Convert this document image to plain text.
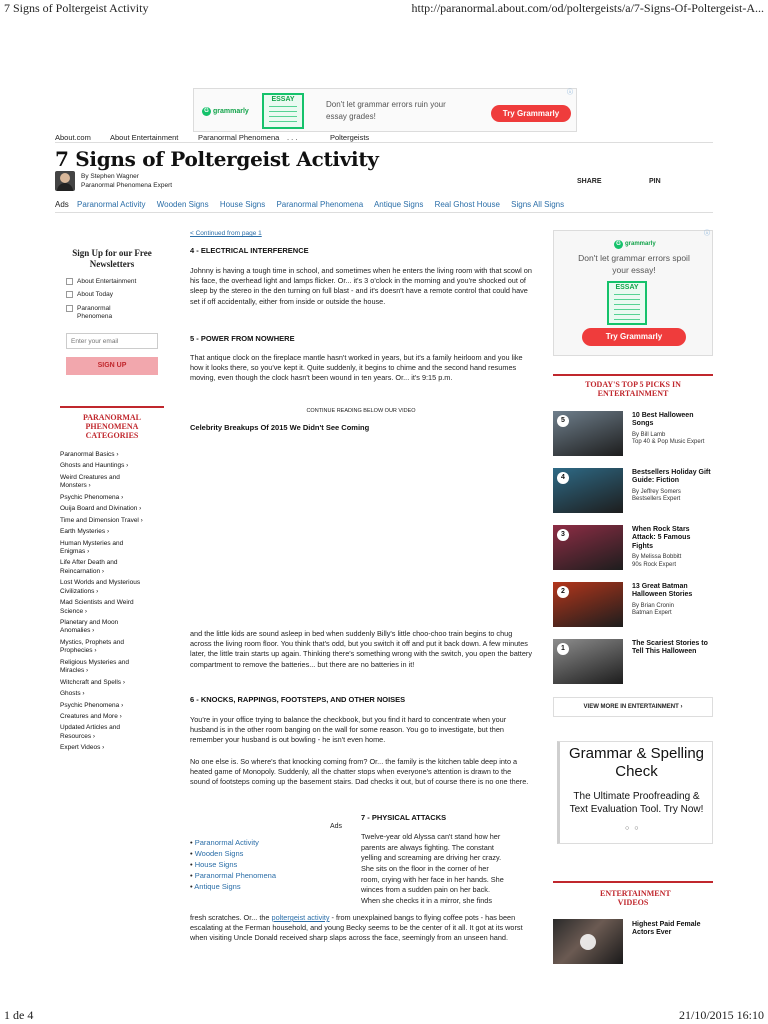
7 Signs of Poltergeist Activity	http://paranormal.about.com/od/poltergeists/a/7-Signs-Of-Poltergeist-A...
G grammarly
ESSAY
Don't let grammar errors ruin your essay grades!	Try Grammarly
ⓘ
About.com	About Entertainment	Paranormal Phenomena . . .	Poltergeists
7 Signs of Poltergeist Activity
By Stephen Wagner
Paranormal Phenomena Expert
SHARE	PIN
Ads Paranormal Activity Wooden Signs House Signs Paranormal Phenomena Antique Signs Real Ghost House Signs All Signs
Sign Up for our Free Newsletters
About Entertainment
About Today
Paranormal Phenomena
Enter your email
SIGN UP
PARANORMAL PHENOMENA CATEGORIES
Paranormal Basics ›
Ghosts and Hauntings ›
Weird Creatures and Monsters ›
Psychic Phenomena ›
Ouija Board and Divination ›
Time and Dimension Travel ›
Earth Mysteries ›
Human Mysteries and Enigmas ›
Life After Death and Reincarnation ›
Lost Worlds and Mysterious Civilizations ›
Mad Scientists and Weird Science ›
Planetary and Moon Anomalies ›
Mystics, Prophets and Prophecies ›
Religious Mysteries and Miracles ›
Witchcraft and Spells ›
Ghosts ›
Psychic Phenomena ›
Creatures and More ›
Updated Articles and Resources ›
Expert Videos ›
< Continued from page 1
4 - ELECTRICAL INTERFERENCE

Johnny is having a tough time in school, and sometimes when he enters the living room with that scowl on his face, the overhead light and lamps flicker. Or... it's 3 o'clock in the morning and you're shocked out of sleep by the stereo in the den turning on full blast - and it's doesn't have a remote control that could have set if off accidentally, either from inside or outside the house.

5 - POWER FROM NOWHERE

That antique clock on the fireplace mantle hasn't worked in years, but it's a family heirloom and you like how it looks there, so you've kept it. Quite suddenly, it begins to chime and the second hand resumes moving, even though the clock hasn't been wound in ten years. Or... it's 9:15 p.m.

CONTINUE READING BELOW OUR VIDEO
Celebrity Breakups Of 2015 We Didn't See Coming

and the little kids are sound asleep in bed when suddenly Billy's little choo-choo train begins to chug across the living room floor. You think that's odd, but you switch it off and put it back down. A few minutes later, the little train starts up again. Thinking there's something wrong with the switch, you open the battery compartment to remove the batteries... but there are no batteries in it!

6 - KNOCKS, RAPPINGS, FOOTSTEPS, AND OTHER NOISES

You're in your office trying to balance the checkbook, but you find it hard to concentrate when your husband is in the other room banging on the wall for some reason. You go to investigate, but then remember your husband is out bowling - he isn't even home.

No one else is. So where's that knocking coming from? Or... the family is the kitchen table deep into a heated game of Monopoly. Suddenly, all the chatter stops when everyone's attention is drawn to the sound of footsteps coming up the basement stairs. Dad checks it out, but of course there is no one there.

Ads
• Paranormal Activity
• Wooden Signs
• House Signs
• Paranormal Phenomena
• Antique Signs
7 - PHYSICAL ATTACKS
Twelve-year old Alyssa can't stand how her
parents are always fighting. The constant
yelling and screaming are driving her crazy.
She sits on the floor in the corner of her
room, crying with her face in her hands. She
winces from a sudden pain on her back.
When she checks it in a mirror, she finds

fresh scratches. Or... the poltergeist activity - from unexplained bangs to flying coffee pots - has been escalating at the Ferman household, and young Becky seems to be the center of it all. It got at its worst when visiting Uncle Donald received sharp slaps across the face, seemingly from an unseen hand.

G grammarly
Don't let grammar errors spoil your essay!
ESSAY
Try Grammarly
ⓘ
TODAY'S TOP 5 PICKS IN ENTERTAINMENT
5
10 Best Halloween Songs
By Bill Lamb
Top 40 & Pop Music Expert
4
Bestsellers Holiday Gift Guide: Fiction
By Jeffrey Somers
Bestsellers Expert
3
When Rock Stars Attack: 5 Famous Fights
By Melissa Bobbitt
90s Rock Expert
2
13 Great Batman Halloween Stories
By Brian Cronin
Batman Expert
1
The Scariest Stories to Tell This Halloween
VIEW MORE IN ENTERTAINMENT ›
Grammar & Spelling Check
The Ultimate Proofreading & Text Evaluation Tool. Try Now!
○○
ENTERTAINMENT VIDEOS
Highest Paid Female Actors Ever
1 de 4	21/10/2015 16:10
